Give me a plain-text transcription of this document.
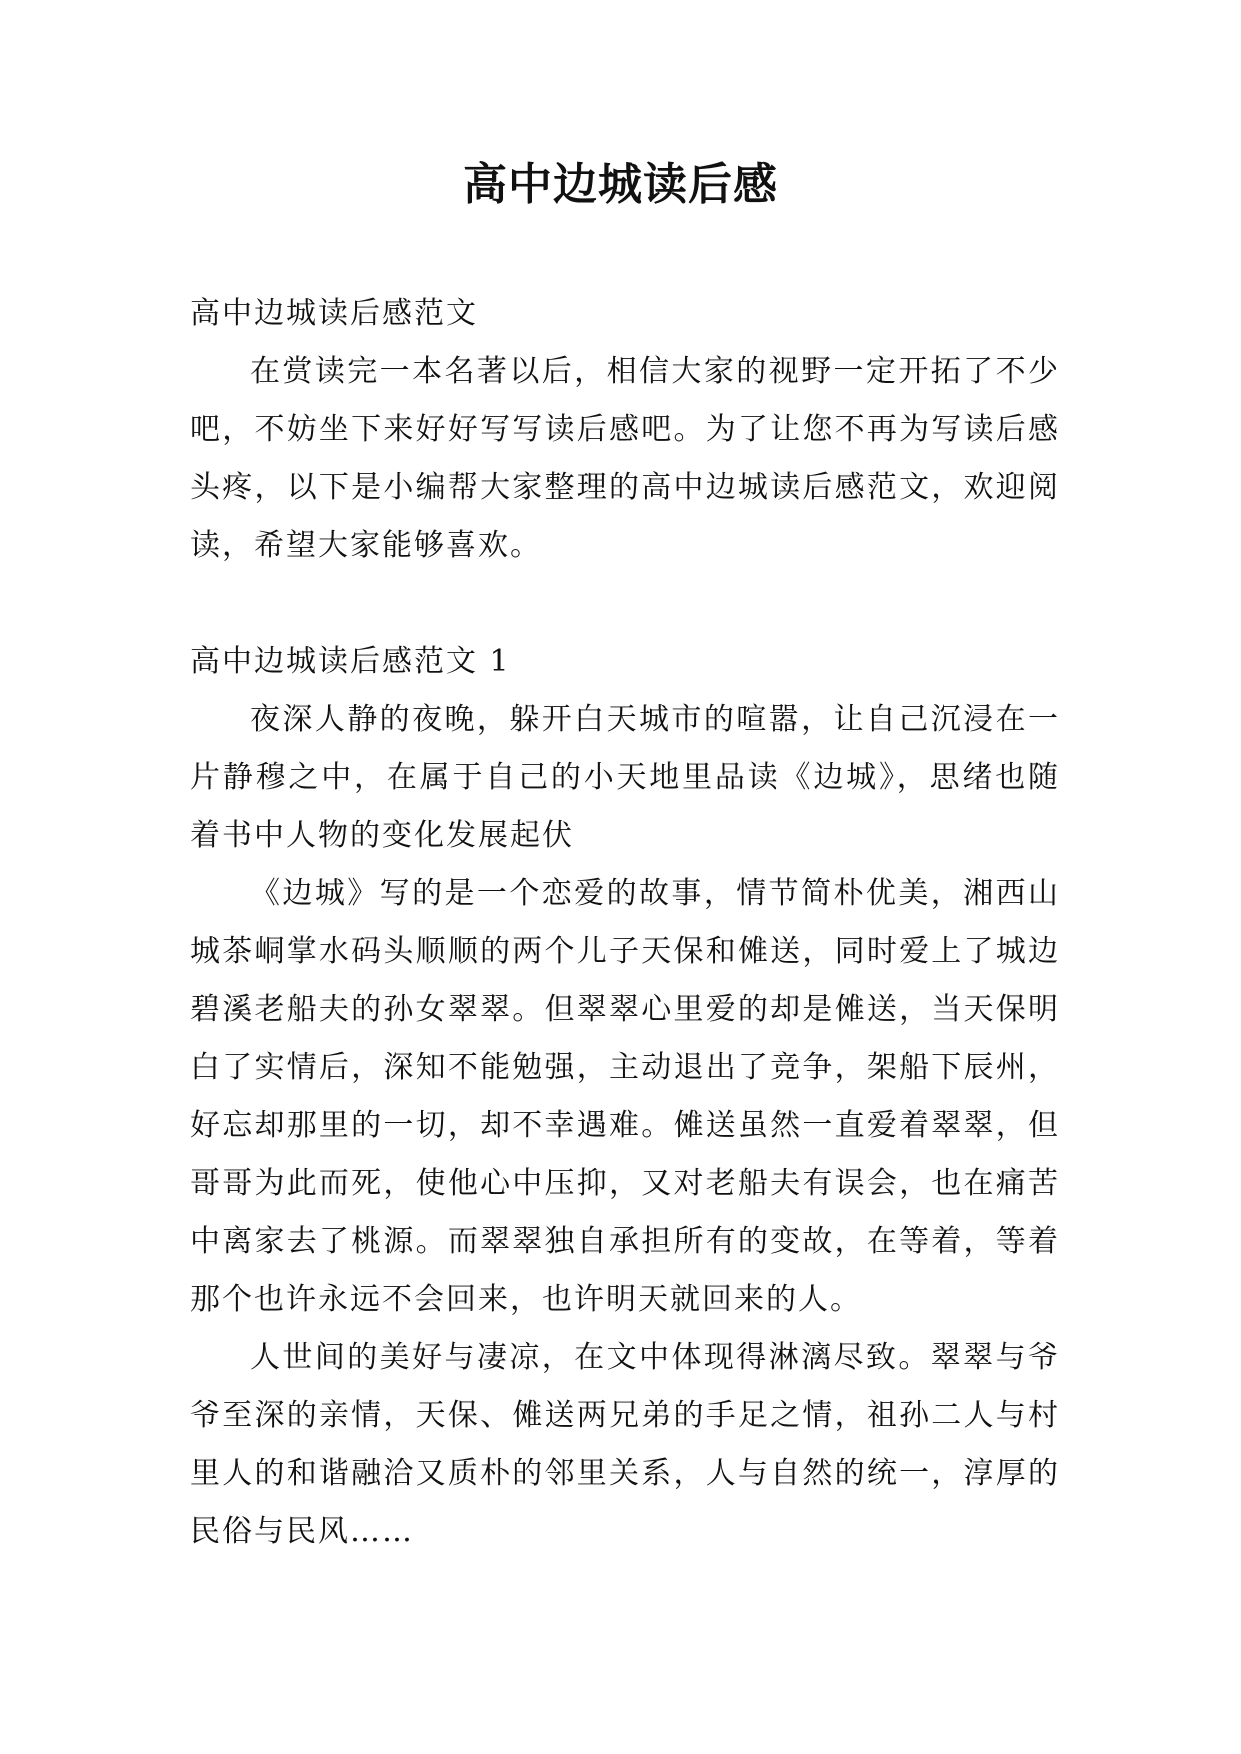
高中边城读后感

高中边城读后感范文

在赏读完一本名著以后，相信大家的视野一定开拓了不少吧，不妨坐下来好好写写读后感吧。为了让您不再为写读后感头疼，以下是小编帮大家整理的高中边城读后感范文，欢迎阅读，希望大家能够喜欢。

高中边城读后感范文 1

夜深人静的夜晚，躲开白天城市的喧嚣，让自己沉浸在一片静穆之中，在属于自己的小天地里品读《边城》，思绪也随着书中人物的变化发展起伏

《边城》写的是一个恋爱的故事，情节简朴优美，湘西山城茶峒掌水码头顺顺的两个儿子天保和傩送，同时爱上了城边碧溪老船夫的孙女翠翠。但翠翠心里爱的却是傩送，当天保明白了实情后，深知不能勉强，主动退出了竞争，架船下辰州，好忘却那里的一切，却不幸遇难。傩送虽然一直爱着翠翠，但哥哥为此而死，使他心中压抑，又对老船夫有误会，也在痛苦中离家去了桃源。而翠翠独自承担所有的变故，在等着，等着那个也许永远不会回来，也许明天就回来的人。

人世间的美好与凄凉，在文中体现得淋漓尽致。翠翠与爷爷至深的亲情，天保、傩送两兄弟的手足之情，祖孙二人与村里人的和谐融洽又质朴的邻里关系，人与自然的统一，淳厚的民俗与民风……
